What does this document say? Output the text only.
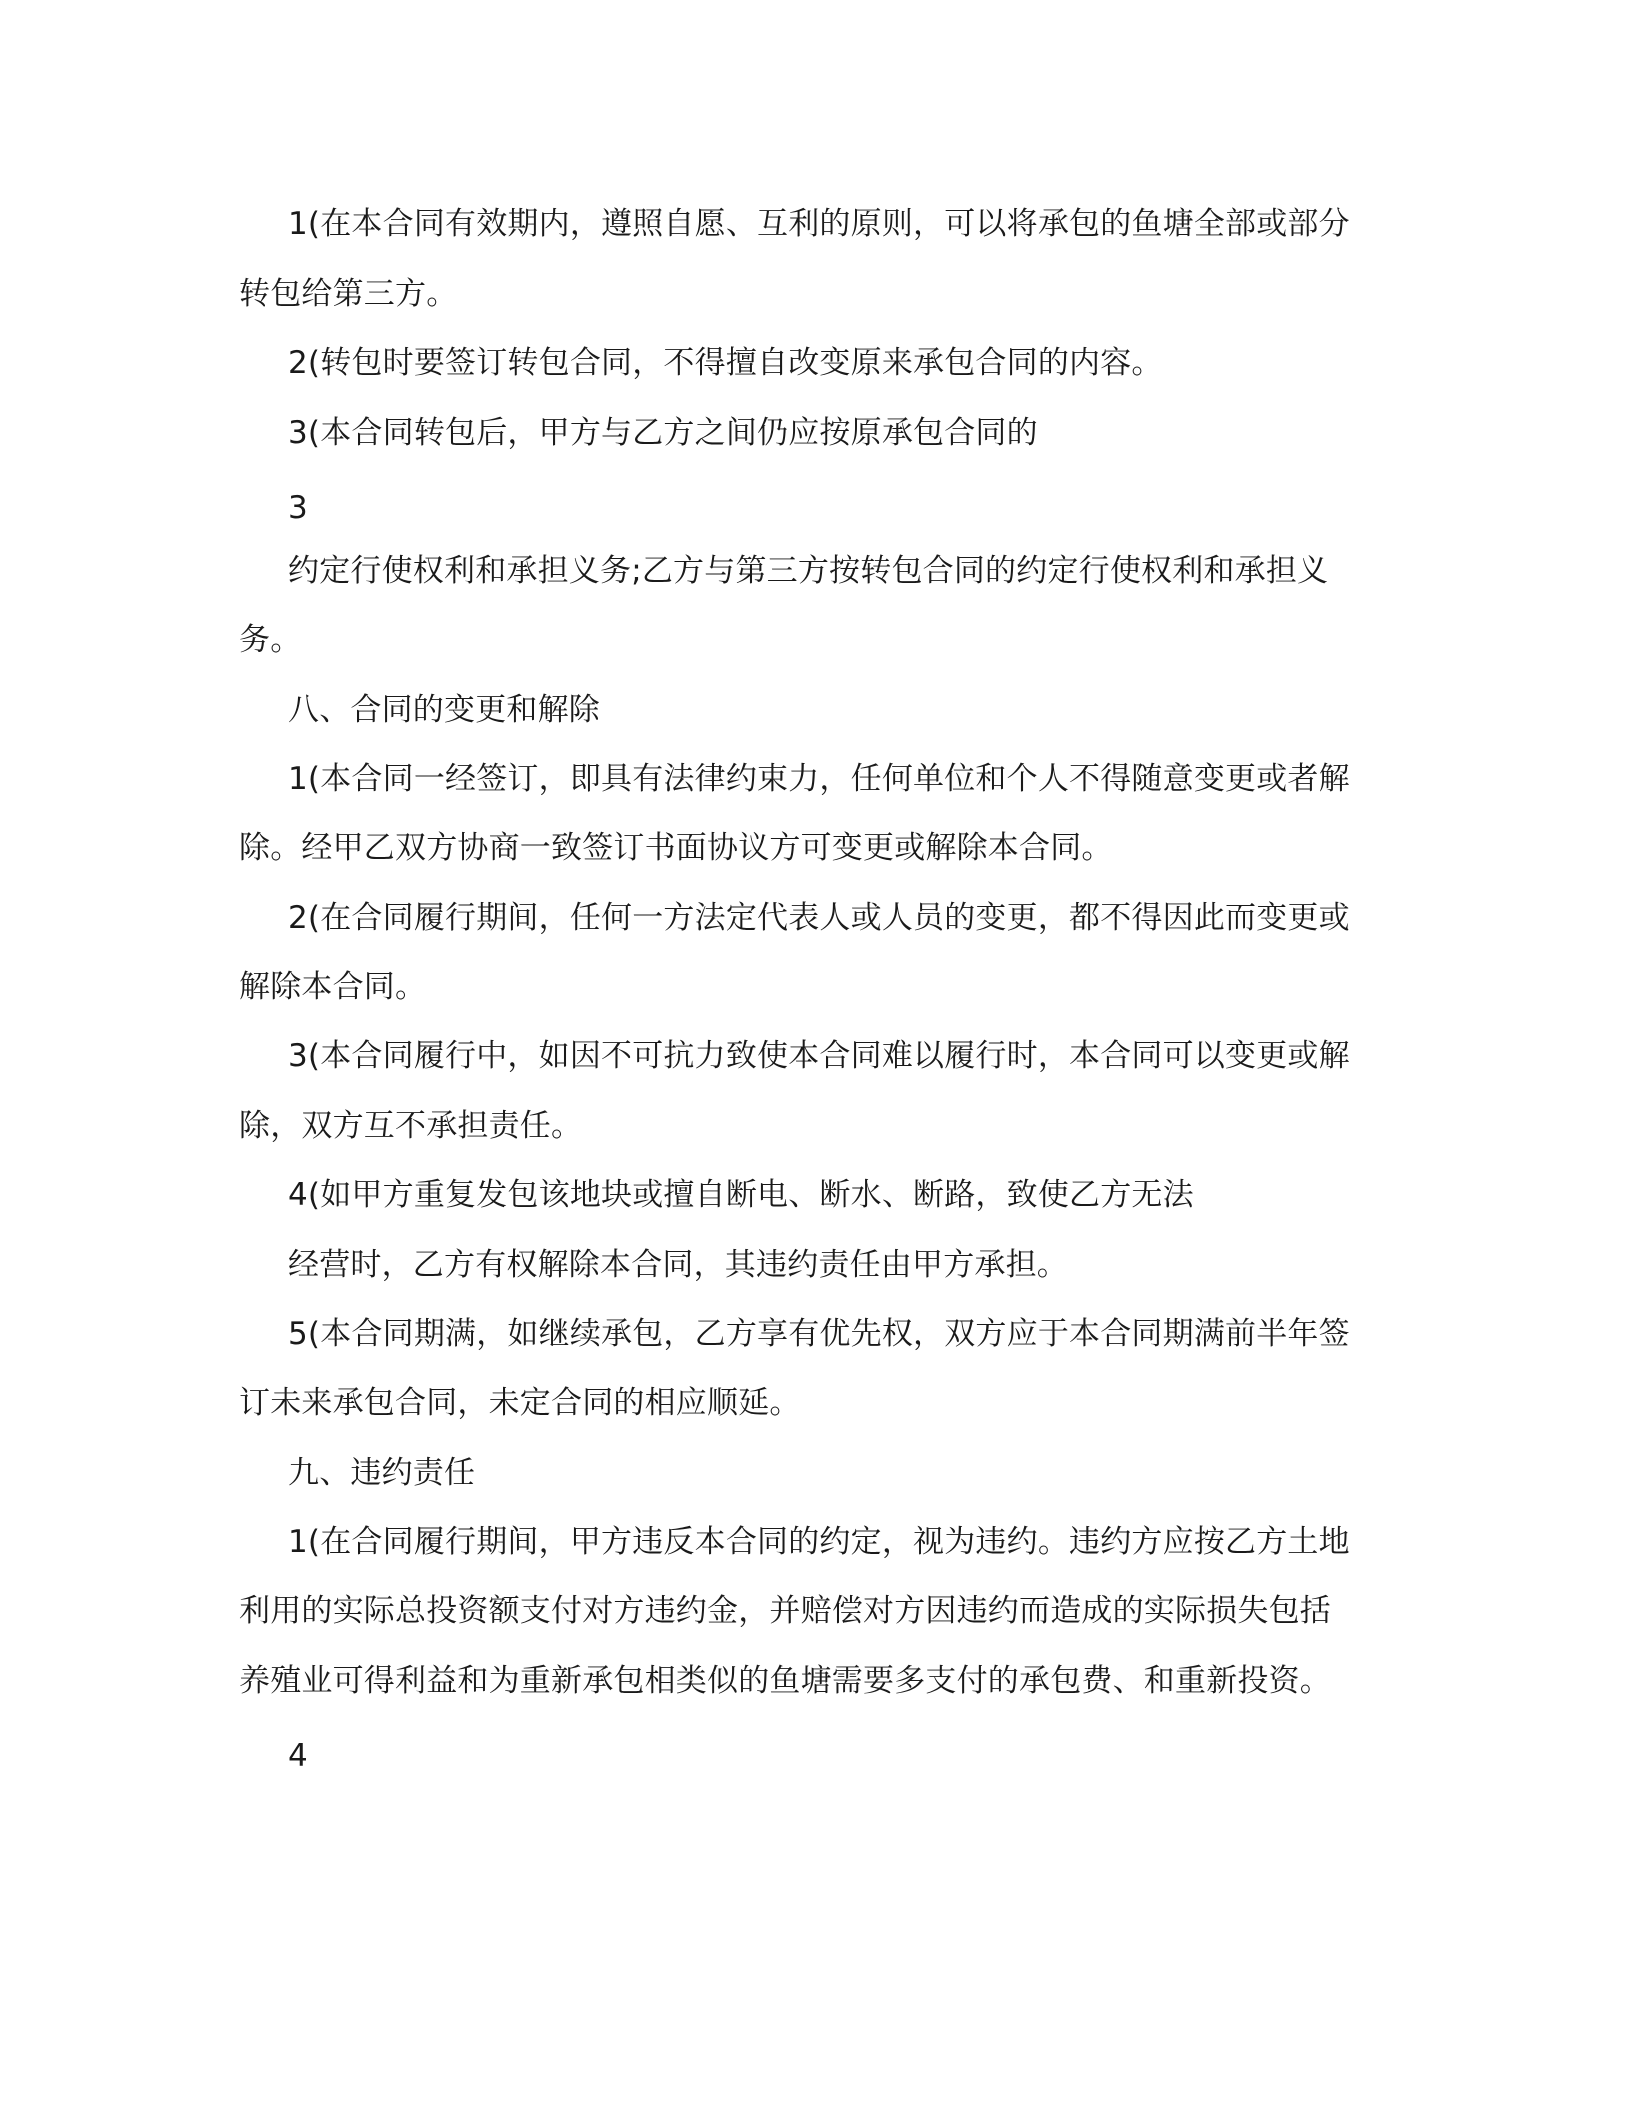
1(在本合同有效期内，遵照自愿、互利的原则，可以将承包的鱼塘全部或部分

转包给第三方。

2(转包时要签订转包合同，不得擅自改变原来承包合同的内容。

3(本合同转包后，甲方与乙方之间仍应按原承包合同的

3

约定行使权利和承担义务;乙方与第三方按转包合同的约定行使权利和承担义

务。

八、合同的变更和解除

1(本合同一经签订，即具有法律约束力，任何单位和个人不得随意变更或者解

除。经甲乙双方协商一致签订书面协议方可变更或解除本合同。

2(在合同履行期间，任何一方法定代表人或人员的变更，都不得因此而变更或

解除本合同。

3(本合同履行中，如因不可抗力致使本合同难以履行时，本合同可以变更或解

除，双方互不承担责任。

4(如甲方重复发包该地块或擅自断电、断水、断路，致使乙方无法

经营时，乙方有权解除本合同，其违约责任由甲方承担。

5(本合同期满，如继续承包，乙方享有优先权，双方应于本合同期满前半年签

订未来承包合同，未定合同的相应顺延。

九、违约责任

1(在合同履行期间，甲方违反本合同的约定，视为违约。违约方应按乙方土地

利用的实际总投资额支付对方违约金，并赔偿对方因违约而造成的实际损失包括

养殖业可得利益和为重新承包相类似的鱼塘需要多支付的承包费、和重新投资。

4
